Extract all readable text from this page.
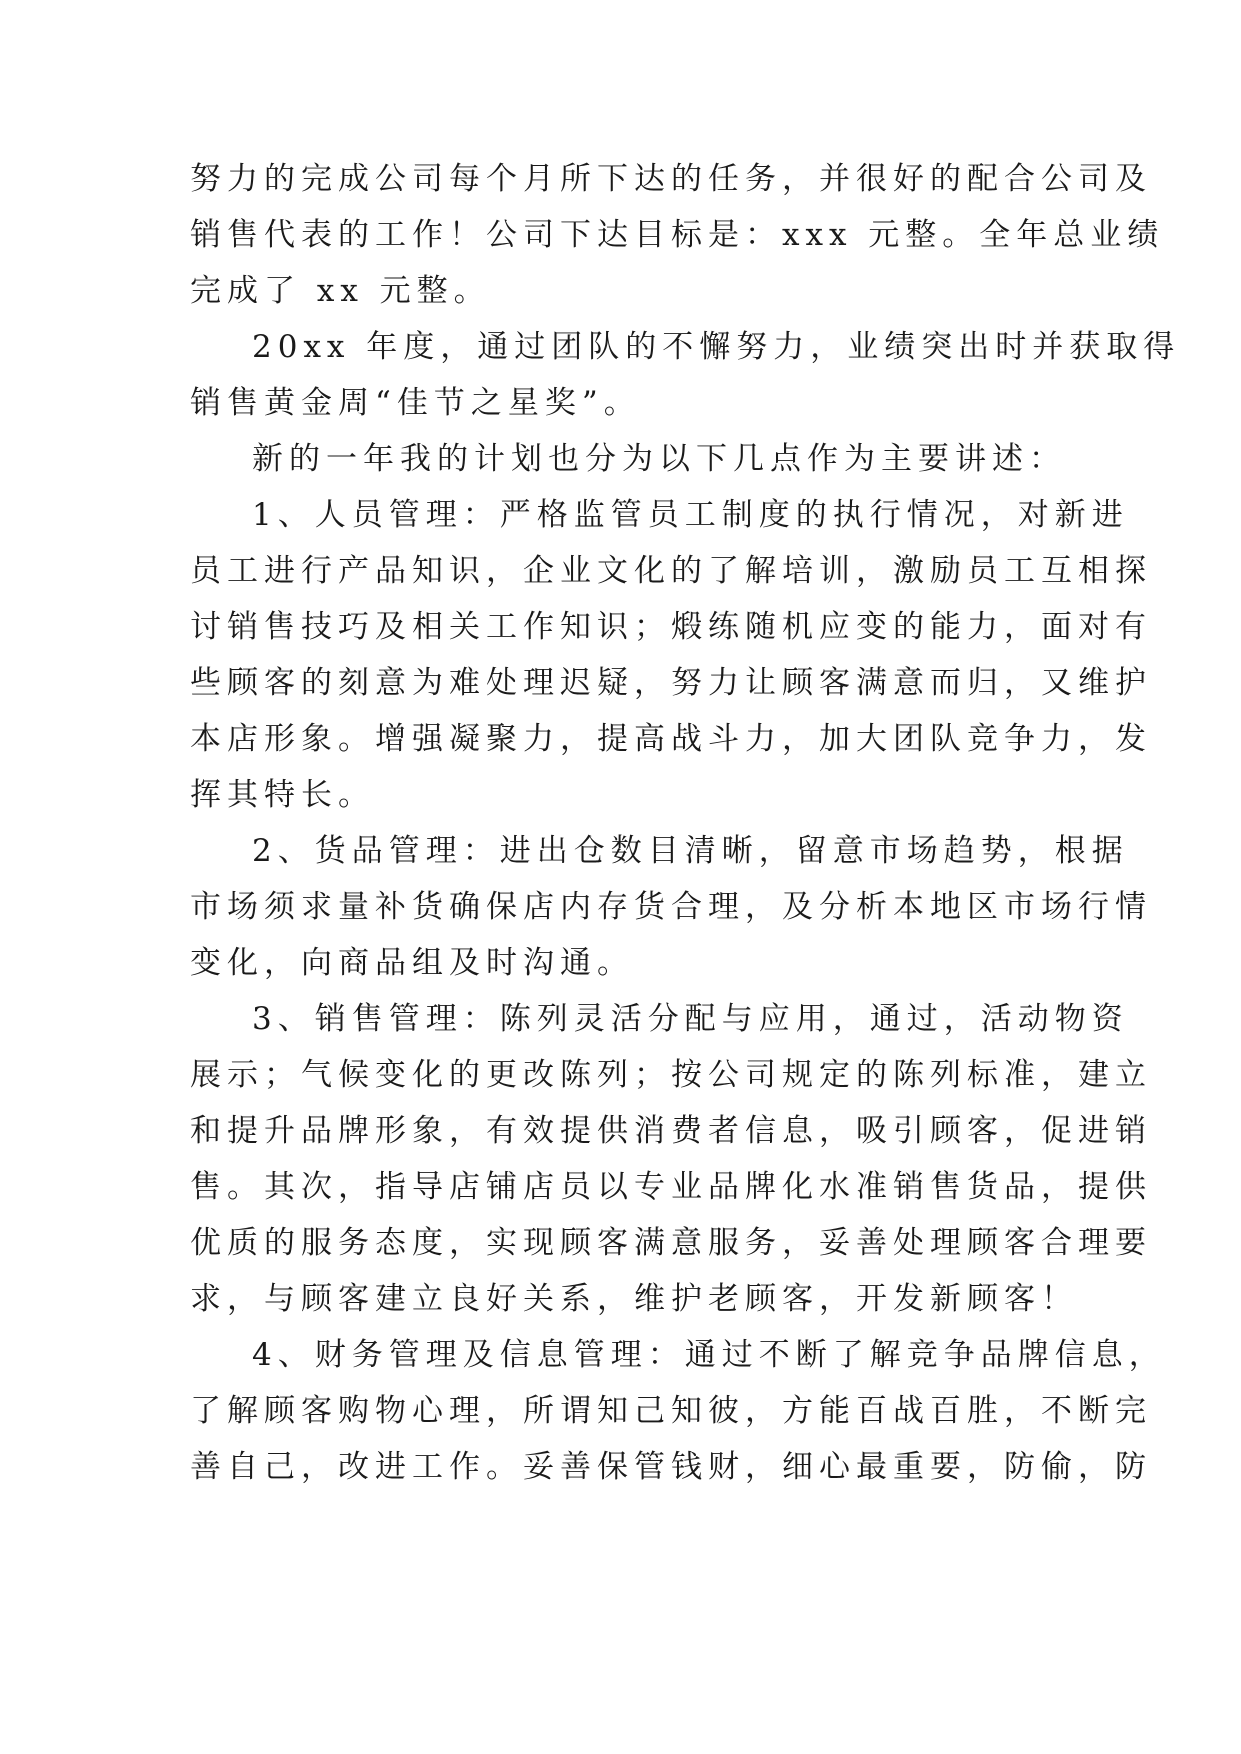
努力的完成公司每个月所下达的任务，并很好的配合公司及
销售代表的工作！公司下达目标是：xxx 元整。全年总业绩
完成了 xx 元整。
20xx 年度，通过团队的不懈努力，业绩突出时并获取得
销售黄金周“佳节之星奖”。
新的一年我的计划也分为以下几点作为主要讲述：
1、人员管理：严格监管员工制度的执行情况，对新进
员工进行产品知识，企业文化的了解培训，激励员工互相探
讨销售技巧及相关工作知识；煅练随机应变的能力，面对有
些顾客的刻意为难处理迟疑，努力让顾客满意而归，又维护
本店形象。增强凝聚力，提高战斗力，加大团队竞争力，发
挥其特长。
2、货品管理：进出仓数目清晰，留意市场趋势，根据
市场须求量补货确保店内存货合理，及分析本地区市场行情
变化，向商品组及时沟通。
3、销售管理：陈列灵活分配与应用，通过，活动物资
展示；气候变化的更改陈列；按公司规定的陈列标准，建立
和提升品牌形象，有效提供消费者信息，吸引顾客，促进销
售。其次，指导店铺店员以专业品牌化水准销售货品，提供
优质的服务态度，实现顾客满意服务，妥善处理顾客合理要
求，与顾客建立良好关系，维护老顾客，开发新顾客！
4、财务管理及信息管理：通过不断了解竞争品牌信息，
了解顾客购物心理，所谓知己知彼，方能百战百胜，不断完
善自己，改进工作。妥善保管钱财，细心最重要，防偷，防
